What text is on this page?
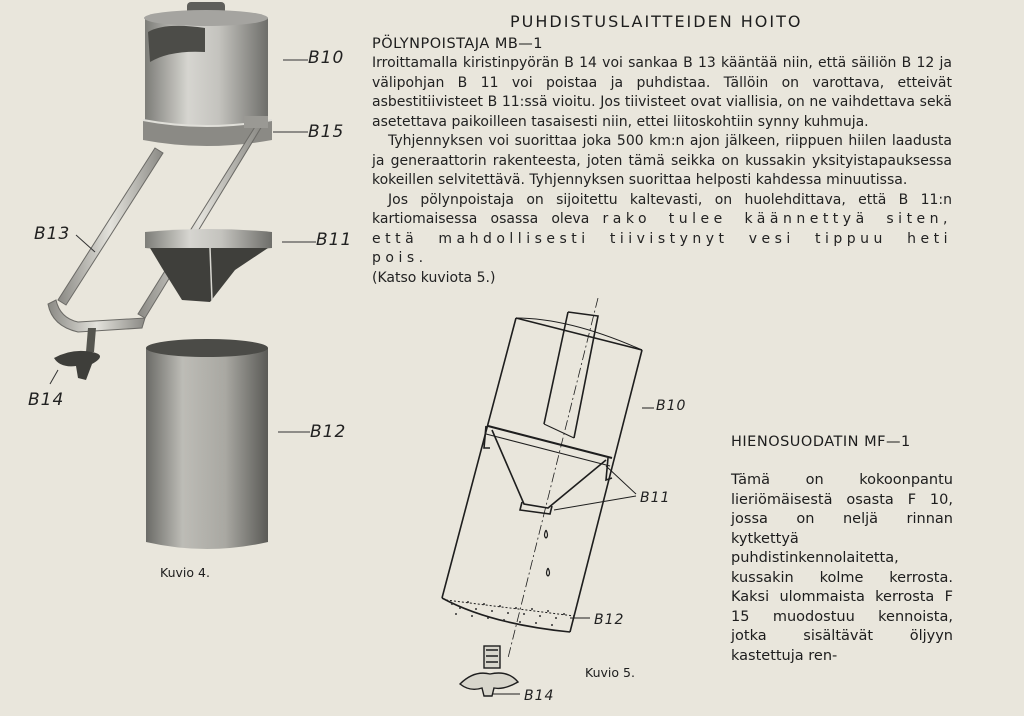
B10
B15
B13	B11
B14
B12
Kuvio 4.
PUHDISTUSLAITTEIDEN HOITO
PÖLYNPOISTAJA MB—1

Irroittamalla kiristinpyörän B 14 voi sankaa B 13 kääntää niin, että säiliön B 12 ja välipohjan B 11 voi poistaa ja puhdistaa. Tällöin on varottava, etteivät asbestitiivisteet B 11:ssä vioitu. Jos tiivisteet ovat viallisia, on ne vaihdettava sekä asetettava paikoilleen tasaisesti niin, ettei liitoskohtiin synny kuhmuja.

Tyhjennyksen voi suorittaa joka 500 km:n ajon jälkeen, riippuen hiilen laadusta ja generaattorin rakenteesta, joten tämä seikka on kussakin yksityistapauksessa kokeillen selvitettävä. Tyhjennyksen suorittaa helposti kahdessa minuutissa.

Jos pölynpoistaja on sijoitettu kaltevasti, on huolehdittava, että B 11:n kartiomaisessa osassa oleva rako tulee käännettyä siten,

että mahdollisesti tiivistynyt vesi tippuu heti pois.

(Katso kuviota 5.)

B10
B11
B12
B14
Kuvio 5.
HIENOSUODATIN MF—1

Tämä on kokoonpantu lieriömäisestä osasta F 10, jossa on neljä rinnan kytkettyä puhdistinkennolaitetta, kussakin kolme kerrosta. Kaksi ulommaista kerrosta F 15 muodostuu kennoista, jotka sisältävät öljyyn kastettuja ren-
